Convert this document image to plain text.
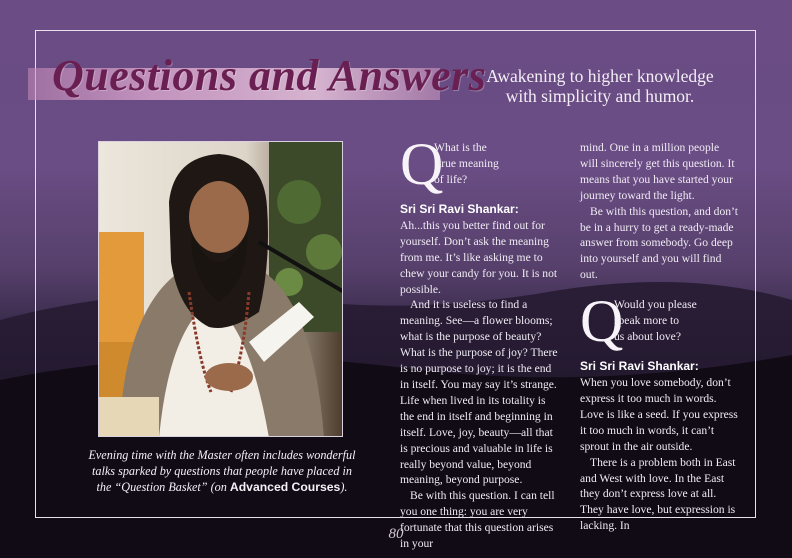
Questions and Answers Awakening to higher knowledge
with simplicity and humor.
Evening time with the Master often includes wonderful talks sparked by questions that people have placed in the “Question Basket” (on Advanced Courses).
Q
What is the
true meaning
of life?

Sri Sri Ravi Shankar:

Ah...this you better find out for yourself. Don’t ask the meaning from me. It’s like asking me to chew your candy for you. It is not possible.

And it is useless to find a meaning. See—a flower blooms; what is the purpose of beauty? What is the purpose of joy? There is no purpose to joy; it is the end in itself. You may say it’s strange. Life when lived in its totality is the end in itself and beginning in itself. Love, joy, beauty—all that is precious and valuable in life is really beyond value, beyond meaning, beyond purpose.

Be with this question. I can tell you one thing: you are very fortunate that this question arises in your

mind. One in a million people will sincerely get this question. It means that you have started your journey toward the light.

Be with this question, and don’t be in a hurry to get a ready-made answer from somebody. Go deep into yourself and you will find out.

Q
Would you please
speak more to
us about love?

Sri Sri Ravi Shankar:

When you love somebody, don’t express it too much in words. Love is like a seed. If you express it too much in words, it can’t sprout in the air outside.

There is a problem both in East and West with love. In the East they don’t express love at all. They have love, but expression is lacking. In

80
